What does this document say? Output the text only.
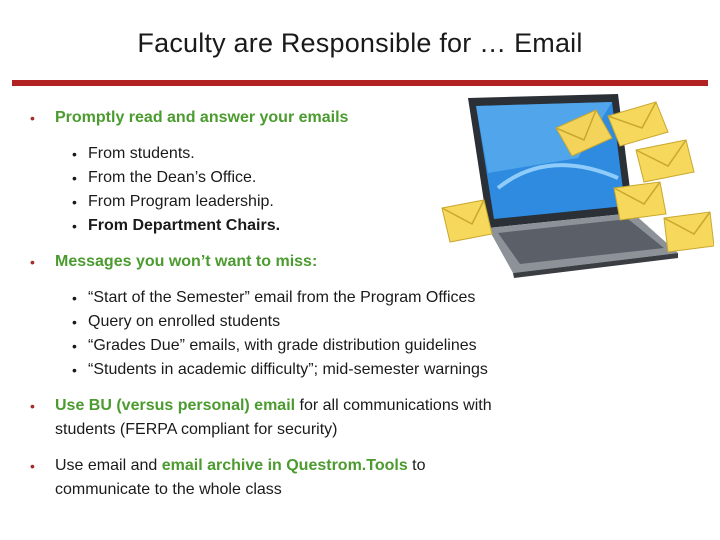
Faculty are Responsible for … Email
• Promptly read and answer your emails
• From students.
• From the Dean’s Office.
• From Program leadership.
• From Department Chairs.
• Messages you won’t want to miss:
• “Start of the Semester” email from the Program Offices
• Query on enrolled students
• “Grades Due” emails, with grade distribution guidelines
• “Students in academic difficulty”; mid-semester warnings
• Use BU (versus personal) email for all communications with
students (FERPA compliant for security)
• Use email and email archive in Questrom.Tools to
communicate to the whole class
